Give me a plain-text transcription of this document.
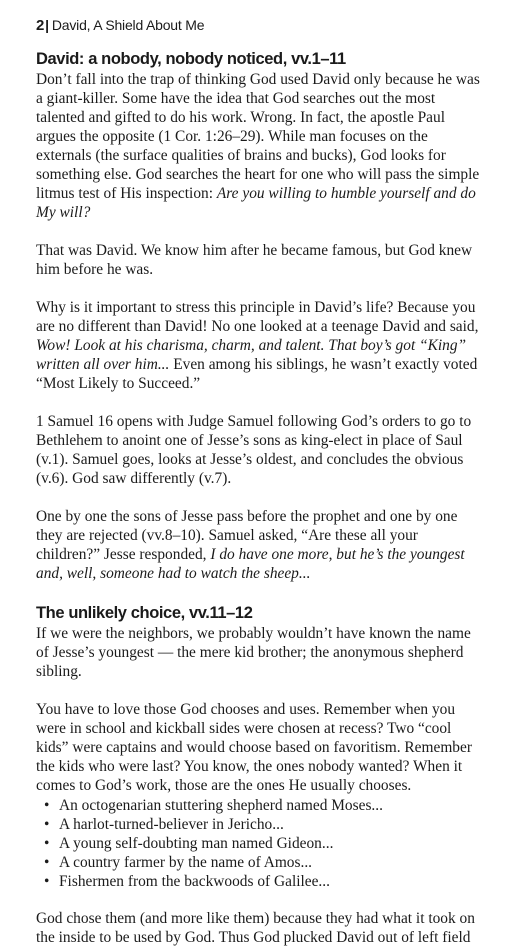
2| David, A Shield About Me
David: a nobody, nobody noticed, vv.1–11

Don’t fall into the trap of thinking God used David only because he was a giant-killer. Some have the idea that God searches out the most talented and gifted to do his work. Wrong. In fact, the apostle Paul argues the opposite (1 Cor. 1:26–29). While man focuses on the externals (the surface qualities of brains and bucks), God looks for something else. God searches the heart for one who will pass the simple litmus test of His inspection: Are you willing to humble yourself and do My will?

That was David. We know him after he became famous, but God knew him before he was.

Why is it important to stress this principle in David’s life? Because you are no different than David! No one looked at a teenage David and said, Wow! Look at his charisma, charm, and talent. That boy’s got “King” written all over him... Even among his siblings, he wasn’t exactly voted “Most Likely to Succeed.”

1 Samuel 16 opens with Judge Samuel following God’s orders to go to Bethlehem to anoint one of Jesse’s sons as king-elect in place of Saul (v.1). Samuel goes, looks at Jesse’s oldest, and concludes the obvious (v.6). God saw differently (v.7).

One by one the sons of Jesse pass before the prophet and one by one they are rejected (vv.8–10). Samuel asked, “Are these all your children?” Jesse responded, I do have one more, but he’s the youngest and, well, someone had to watch the sheep...

The unlikely choice, vv.11–12

If we were the neighbors, we probably wouldn’t have known the name of Jesse’s youngest — the mere kid brother; the anonymous shepherd sibling.

You have to love those God chooses and uses. Remember when you were in school and kickball sides were chosen at recess? Two “cool kids” were captains and would choose based on favoritism. Remember the kids who were last? You know, the ones nobody wanted? When it comes to God’s work, those are the ones He usually chooses.

• An octogenarian stuttering shepherd named Moses...
• A harlot-turned-believer in Jericho...
• A young self-doubting man named Gideon...
• A country farmer by the name of Amos...
• Fishermen from the backwoods of Galilee...

God chose them (and more like them) because they had what it took on the inside to be used by God. Thus God plucked David out of left field
